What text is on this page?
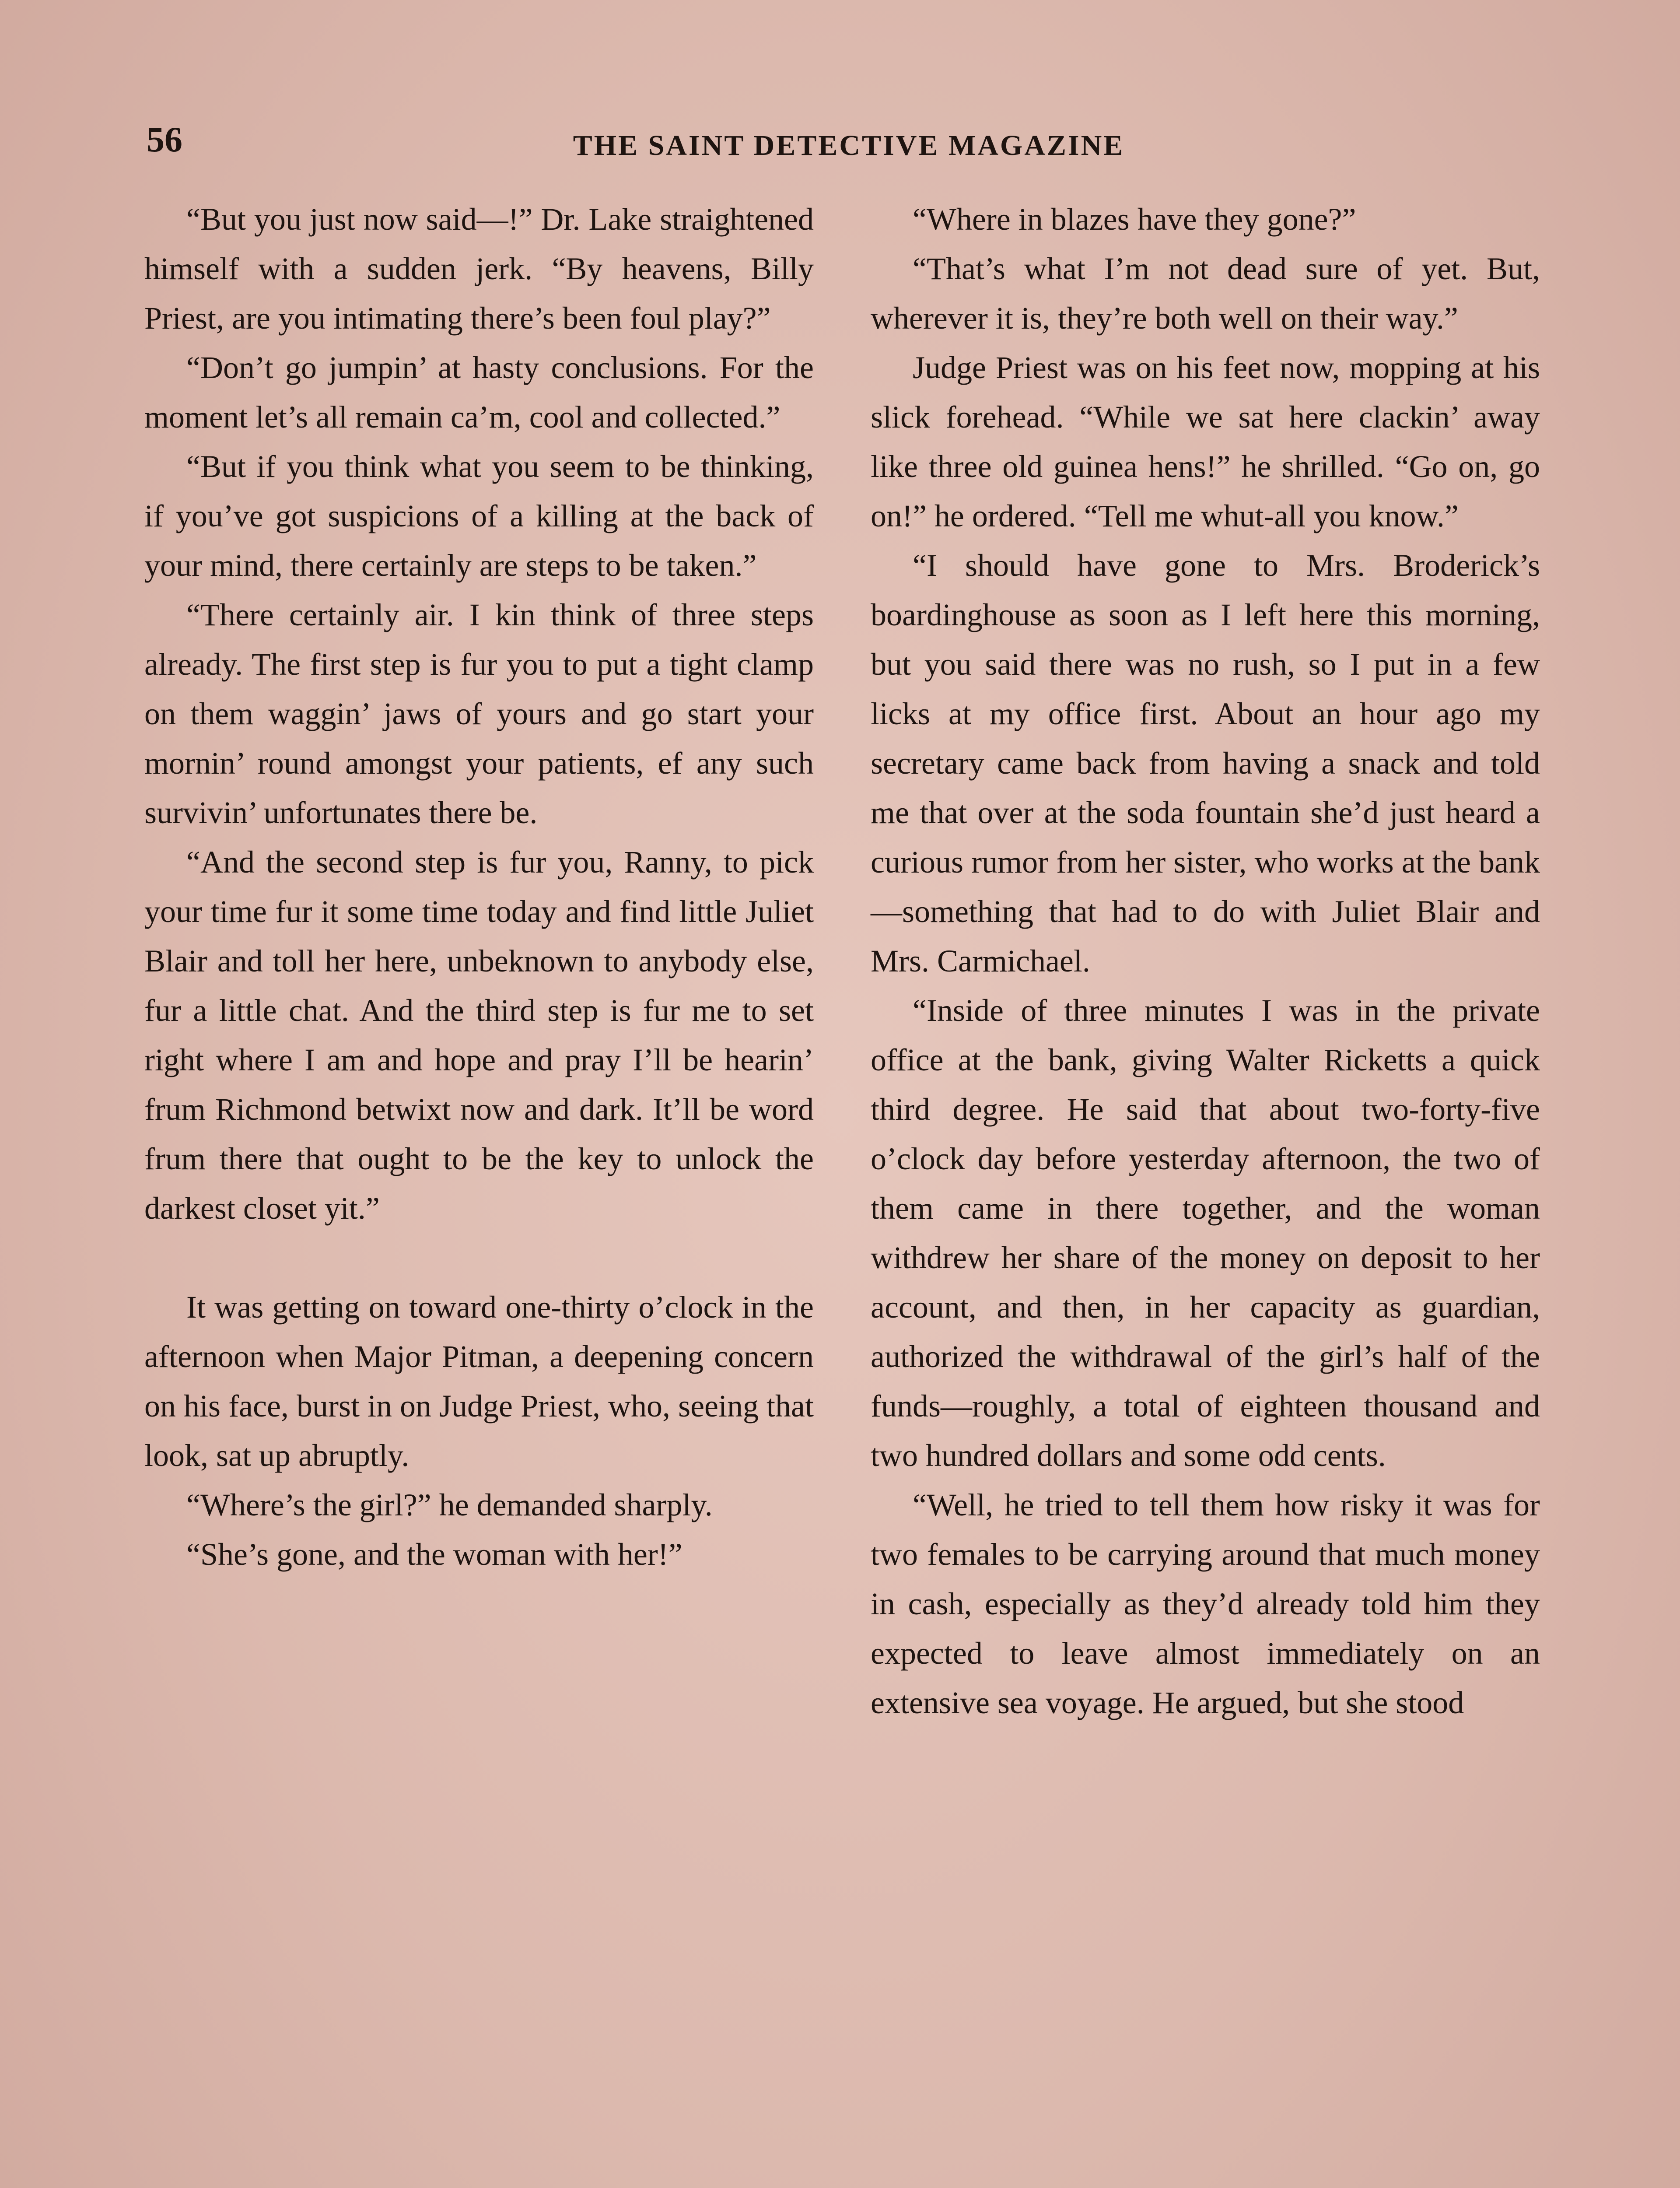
56	THE SAINT DETECTIVE MAGAZINE

“But you just now said—!” Dr. Lake straightened himself with a sudden jerk. “By heavens, Billy Priest, are you intimating there’s been foul play?”

“Don’t go jumpin’ at hasty conclusions. For the moment let’s all remain ca’m, cool and collected.”

“But if you think what you seem to be thinking, if you’ve got suspicions of a killing at the back of your mind, there certainly are steps to be taken.”

“There certainly air. I kin think of three steps already. The first step is fur you to put a tight clamp on them waggin’ jaws of yours and go start your mornin’ round amongst your patients, ef any such survivin’ unfortunates there be.

“And the second step is fur you, Ranny, to pick your time fur it some time today and find little Juliet Blair and toll her here, unbeknown to anybody else, fur a little chat. And the third step is fur me to set right where I am and hope and pray I’ll be hearin’ frum Richmond betwixt now and dark. It’ll be word frum there that ought to be the key to unlock the darkest closet yit.”

It was getting on toward one-thirty o’clock in the afternoon when Major Pitman, a deepening concern on his face, burst in on Judge Priest, who, seeing that look, sat up abruptly.

“Where’s the girl?” he demanded sharply.

“She’s gone, and the woman with her!”

“Where in blazes have they gone?”

“That’s what I’m not dead sure of yet. But, wherever it is, they’re both well on their way.”

Judge Priest was on his feet now, mopping at his slick forehead. “While we sat here clackin’ away like three old guinea hens!” he shrilled. “Go on, go on!” he ordered. “Tell me whut-all you know.”

“I should have gone to Mrs. Broderick’s boardinghouse as soon as I left here this morning, but you said there was no rush, so I put in a few licks at my office first. About an hour ago my secretary came back from having a snack and told me that over at the soda fountain she’d just heard a curious rumor from her sister, who works at the bank—something that had to do with Juliet Blair and Mrs. Carmichael.

“Inside of three minutes I was in the private office at the bank, giving Walter Ricketts a quick third degree. He said that about two-forty-five o’clock day before yesterday afternoon, the two of them came in there together, and the woman withdrew her share of the money on deposit to her account, and then, in her capacity as guardian, authorized the withdrawal of the girl’s half of the funds—roughly, a total of eighteen thousand and two hundred dollars and some odd cents.

“Well, he tried to tell them how risky it was for two females to be carrying around that much money in cash, especially as they’d already told him they expected to leave almost immediately on an extensive sea voyage. He argued, but she stood
